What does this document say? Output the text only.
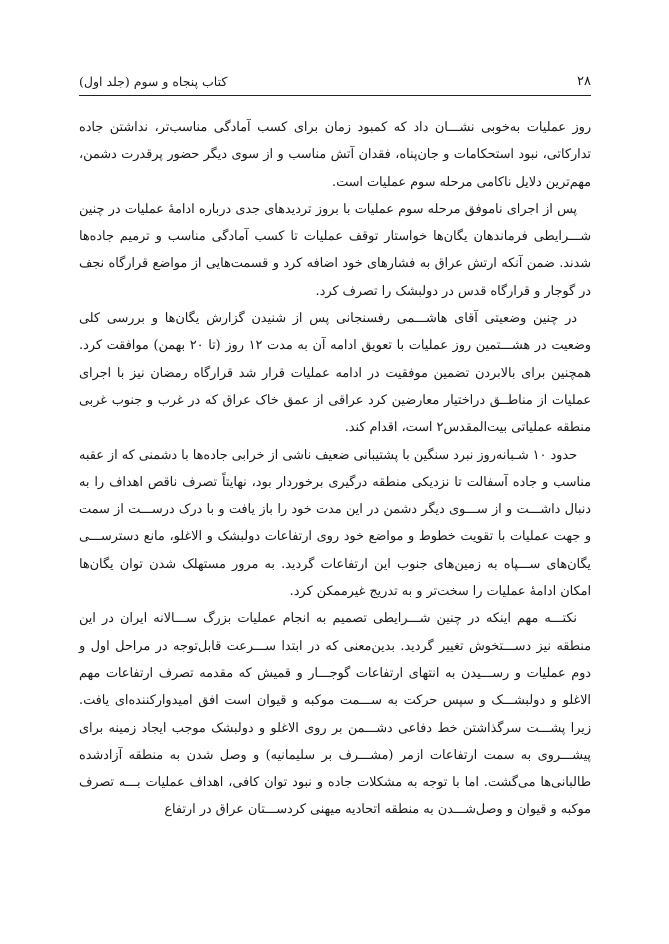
۲۸
کتاب پنجاه و سوم (جلد اول)

روز عملیات به‌خوبی نشـــان داد که کمبود زمان برای کسب آمادگی مناسب‌تر، نداشتن جاده تدارکاتی، نبود استحکامات و جان‌پناه، فقدان آتش مناسب و از سوی دیگر حضور پرقدرت دشمن، مهم‌ترین دلایل ناکامی مرحله سوم عملیات است.

پس از اجرای ناموفق مرحله سوم عملیات با بروز تردیدهای جدی درباره ادامهٔ عملیات در چنین شـــرایطی فرماندهان یگان‌ها خواستار توقف عملیات تا کسب آمادگی مناسب و ترمیم جاده‌ها شدند. ضمن آنکه ارتش عراق به فشارهای خود اضافه کرد و قسمت‌هایی از مواضع قرارگاه نجف در گوجار و قرارگاه قدس در دولبشک را تصرف کرد.

در چنین وضعیتی آقای هاشـــمی رفسنجانی پس از شنیدن گزارش یگان‌ها و بررسی کلی وضعیت در هشـــتمین روز عملیات با تعویق ادامه آن به مدت ۱۲ روز (تا ۲۰ بهمن) موافقت کرد. همچنین برای بالابردن تضمین موفقیت در ادامه عملیات قرار شد قرارگاه رمضان نیز با اجرای عملیات از مناطــق دراختیار معارضین کرد عراقی از عمق خاک عراق که در غرب و جنوب غربی منطقه عملیاتی بیت‌المقدس۲ است، اقدام کند.

حدود ۱۰ شـبانه‌روز نبرد سنگین با پشتیبانی ضعیف ناشی از خرابی جاده‌ها با دشمنی که از عقبه مناسب و جاده آسفالت تا نزدیکی منطقه درگیری برخوردار بود، نهایتاً تصرف ناقص اهداف را به دنبال داشـــت و از ســـوی دیگر دشمن در این مدت خود را باز یافت و با درک درســـت از سمت و جهت عملیات با تقویت خطوط و مواضع خود روی ارتفاعات دولبشک و الاغلو، مانع دسترســـی یگان‌های ســـپاه به زمین‌های جنوب این ارتفاعات گردید. به مرور مستهلک شدن توان یگان‌ها امکان ادامهٔ عملیات را سخت‌تر و به تدریج غیرممکن کرد.

نکتـــه مهم اینکه در چنین شـــرایطی تصمیم به انجام عملیات بزرگ ســـالانه ایران در این منطقه نیز دســـتخوش تغییر گردید. بدین‌معنی که در ابتدا ســـرعت قابل‌توجه در مراحل اول و دوم عملیات و رســـیدن به انتهای ارتفاعات گوجـــار و قمیش که مقدمه تصرف ارتفاعات مهم الاغلو و دولبشـــک و سپس حرکت به ســـمت موکبه و قیوان است افق امیدوارکننده‌ای یافت. زیرا پشـــت سرگذاشتن خط دفاعی دشـــمن بر روی الاغلو و دولبشک موجب ایجاد زمینه برای پیشـــروی به سمت ارتفاعات ازمر (مشـــرف بر سلیمانیه) و وصل شدن به منطقه آزادشده طالبانی‌ها می‌گشت. اما با توجه به مشکلات جاده و نبود توان کافی، اهداف عملیات بـــه تصرف موکبه و قیوان و وصل‌شـــدن به منطقه اتحادیه میهنی کردســـتان عراق در ارتفاع
